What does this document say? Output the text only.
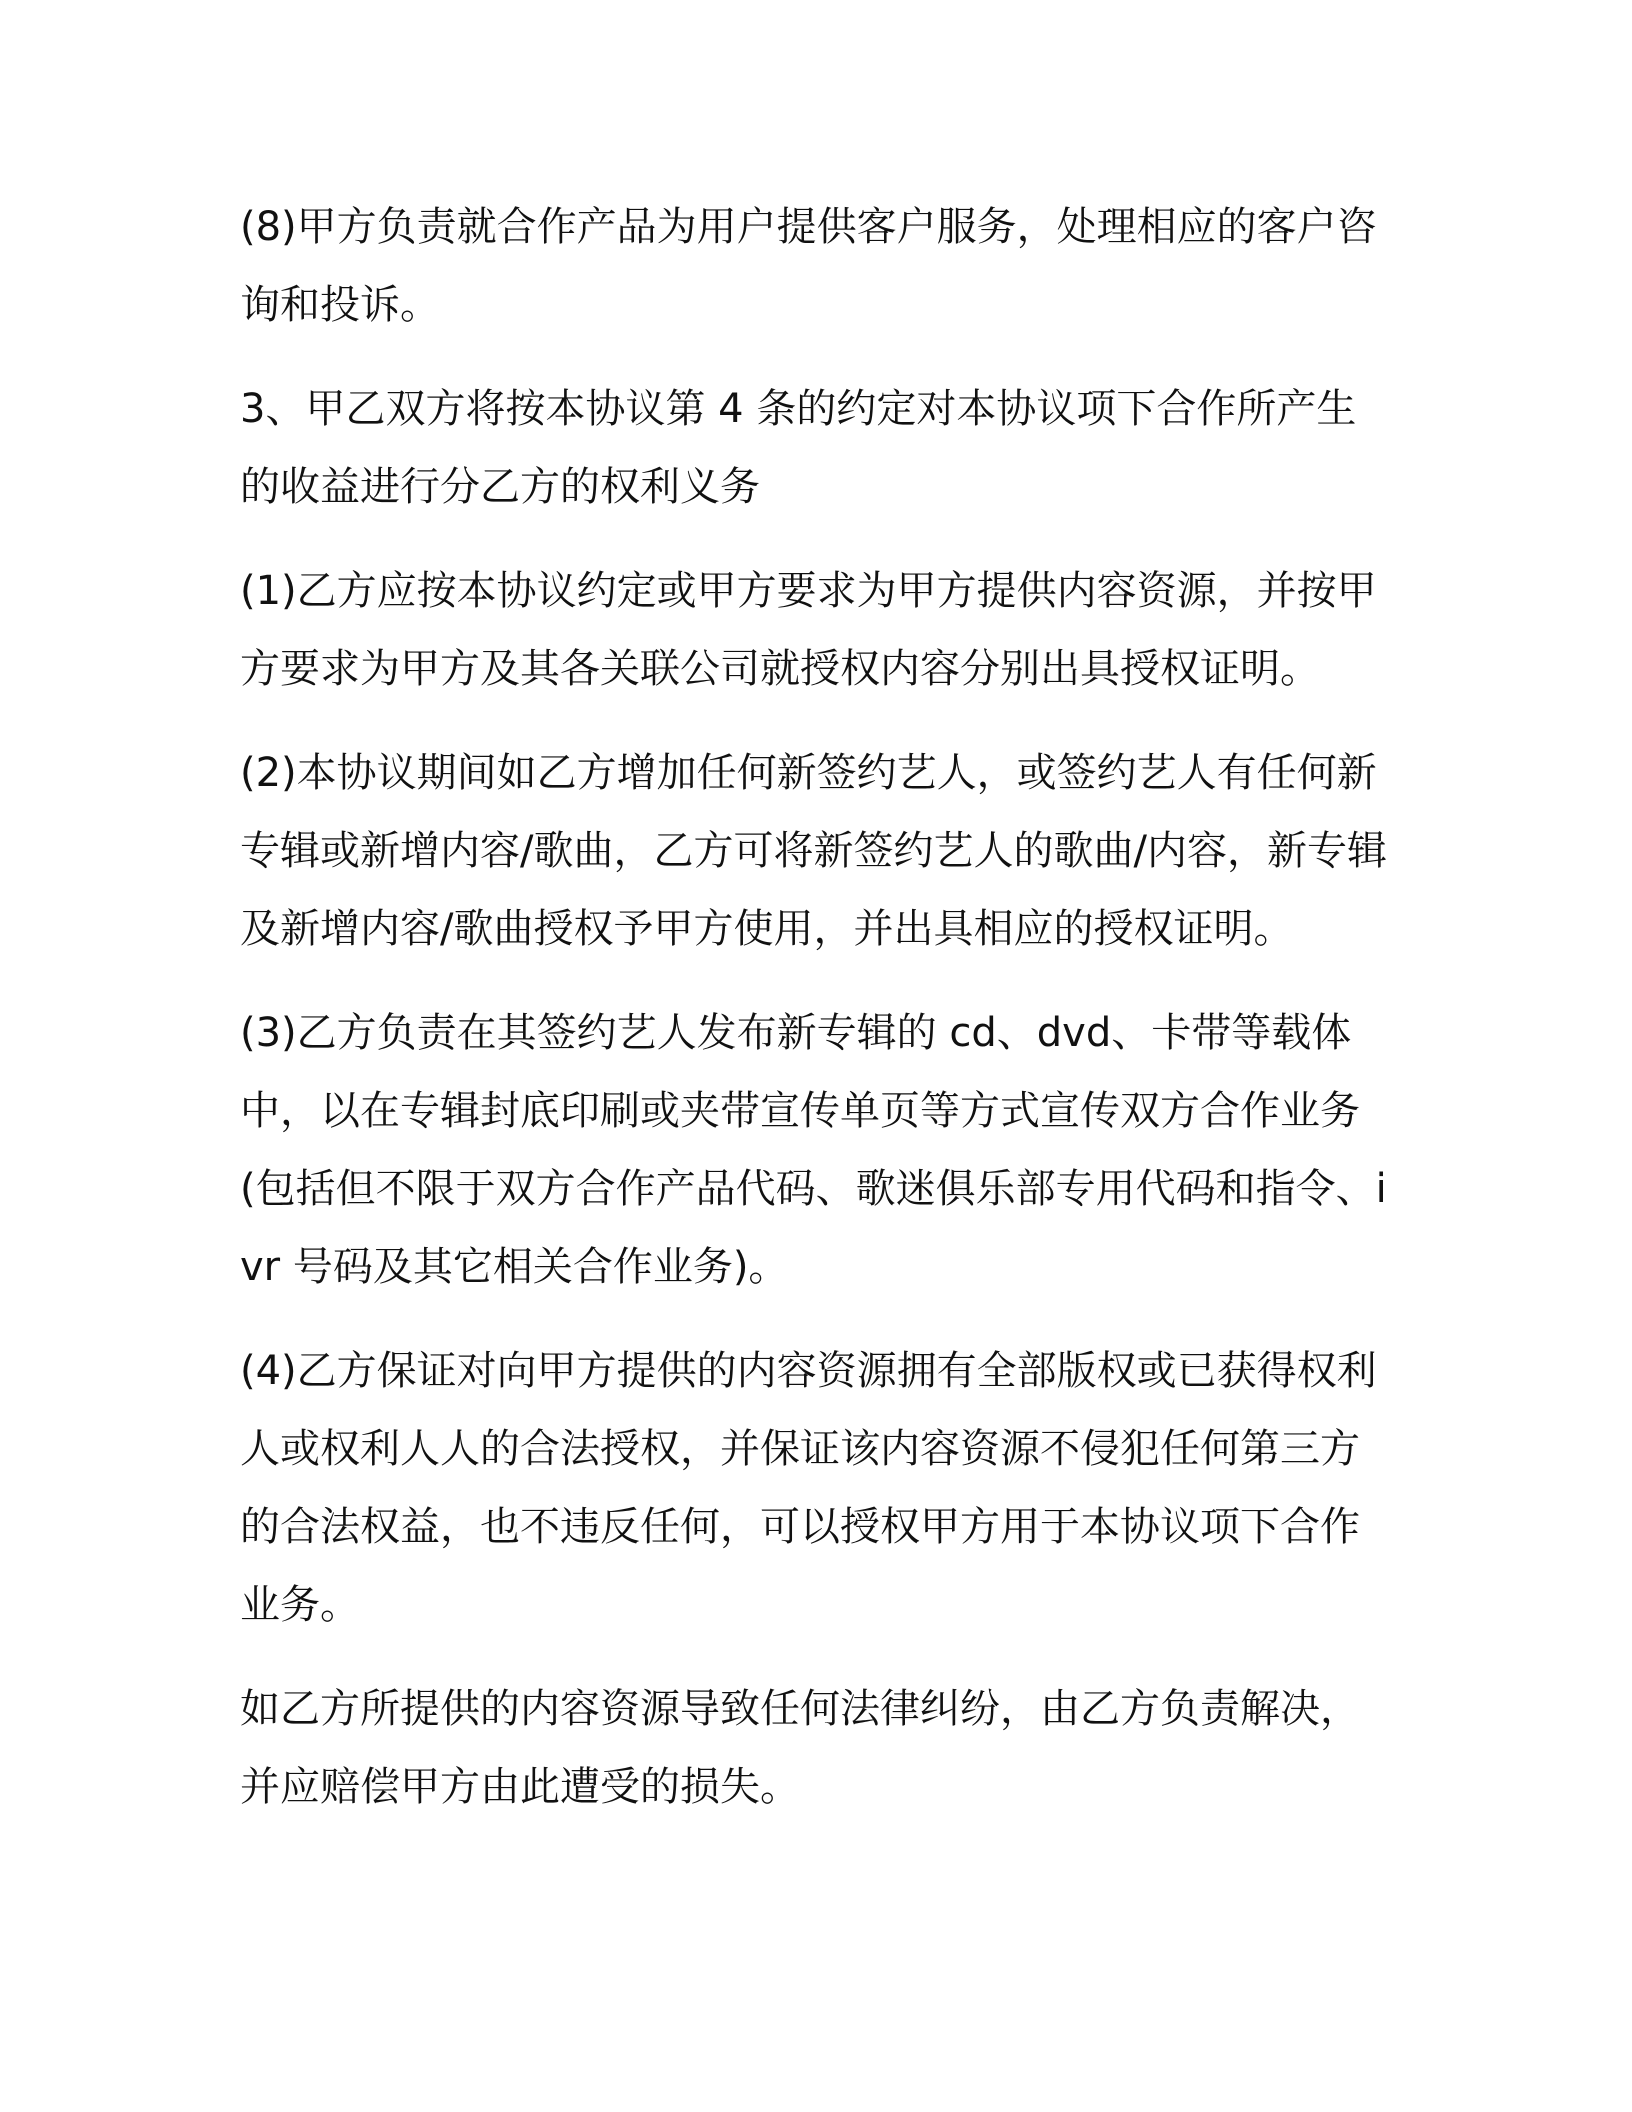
(8)甲方负责就合作产品为用户提供客户服务，处理相应的客户咨询和投诉。

3、甲乙双方将按本协议第 4 条的约定对本协议项下合作所产生的收益进行分乙方的权利义务

(1)乙方应按本协议约定或甲方要求为甲方提供内容资源，并按甲方要求为甲方及其各关联公司就授权内容分别出具授权证明。

(2)本协议期间如乙方增加任何新签约艺人，或签约艺人有任何新专辑或新增内容/歌曲，乙方可将新签约艺人的歌曲/内容，新专辑及新增内容/歌曲授权予甲方使用，并出具相应的授权证明。

(3)乙方负责在其签约艺人发布新专辑的 cd、dvd、卡带等载体中，以在专辑封底印刷或夹带宣传单页等方式宣传双方合作业务(包括但不限于双方合作产品代码、歌迷俱乐部专用代码和指令、ivr 号码及其它相关合作业务)。

(4)乙方保证对向甲方提供的内容资源拥有全部版权或已获得权利人或权利人人的合法授权，并保证该内容资源不侵犯任何第三方的合法权益，也不违反任何，可以授权甲方用于本协议项下合作业务。

如乙方所提供的内容资源导致任何法律纠纷，由乙方负责解决，并应赔偿甲方由此遭受的损失。
